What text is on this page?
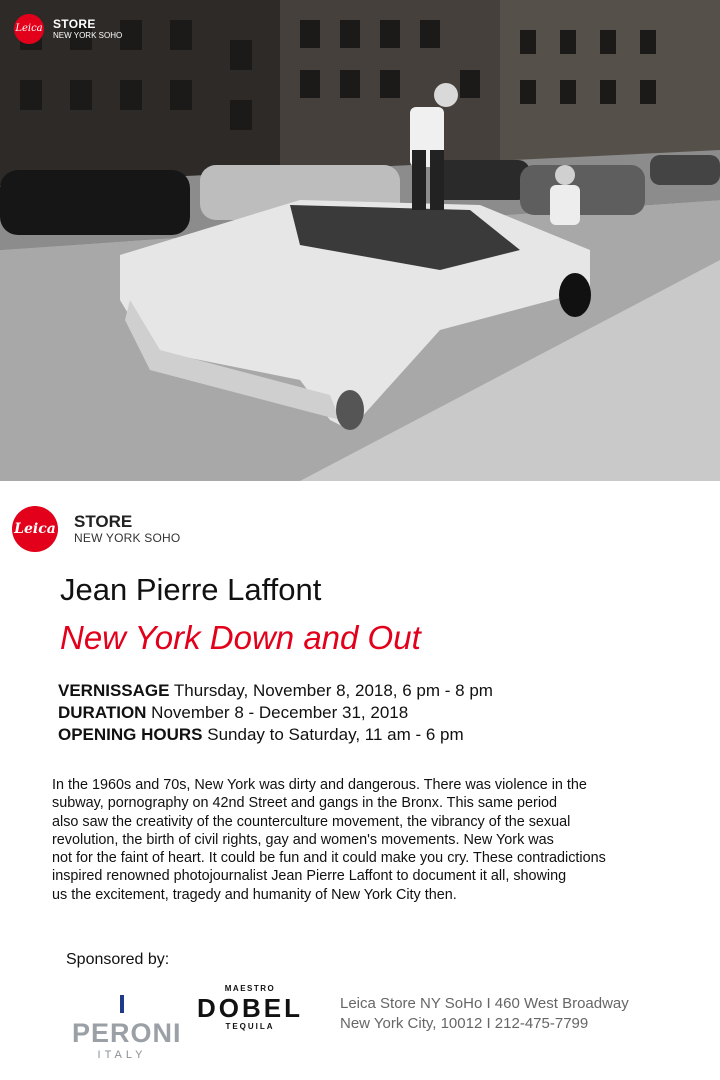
Leica STORE
NEW YORK SOHO
Leica STORE
NEW YORK SOHO
Jean Pierre Laffont
New York Down and Out
VERNISSAGE Thursday, November 8, 2018, 6 pm - 8 pm
DURATION November 8 - December 31, 2018
OPENING HOURS Sunday to Saturday, 11 am - 6 pm

In the 1960s and 70s, New York was dirty and dangerous. There was violence in the

subway, pornography on 42nd Street and gangs in the Bronx. This same period

also saw the creativity of the counterculture movement, the vibrancy of the sexual

revolution, the birth of civil rights, gay and women's movements. New York was

not for the faint of heart. It could be fun and it could make you cry. These contradictions

inspired renowned photojournalist Jean Pierre Laffont to document it all, showing

us the excitement, tragedy and humanity of New York City then.

Sponsored by:
PERONI
ITALY
MAESTRO
DOBEL
TEQUILA
Leica Store NY SoHo I 460 West Broadway
New York City, 10012 I 212-475-7799
